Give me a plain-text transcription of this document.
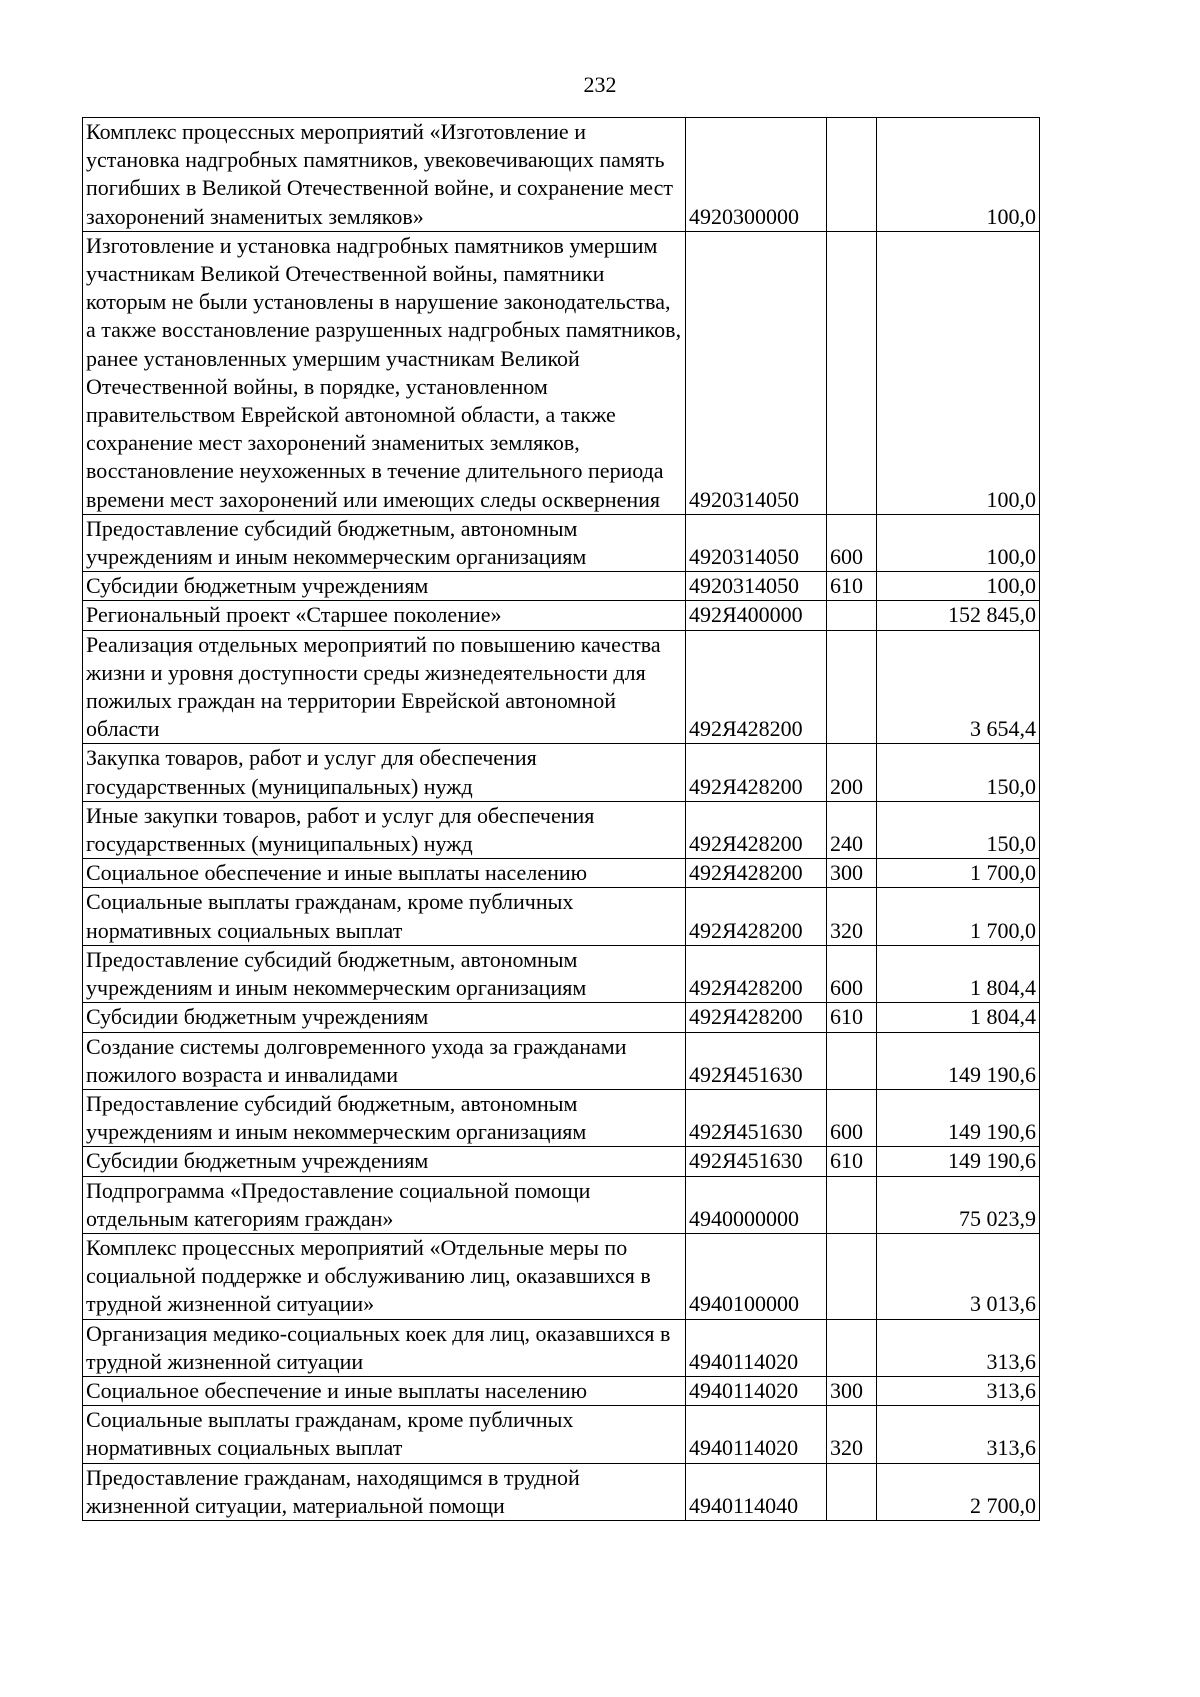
232
Комплекс процессных мероприятий «Изготовление и установка надгробных памятников, увековечивающих память погибших в Великой Отечественной войне, и сохранение мест захоронений знаменитых земляков»	4920300000		100,0
Изготовление и установка надгробных памятников умершим участникам Великой Отечественной войны, памятники которым не были установлены в нарушение законодательства, а также восстановление разрушенных надгробных памятников, ранее установленных умершим участникам Великой Отечественной войны, в порядке, установленном правительством Еврейской автономной области, а также сохранение мест захоронений знаменитых земляков, восстановление неухоженных в течение длительного периода времени мест захоронений или имеющих следы осквернения	4920314050		100,0
Предоставление субсидий бюджетным, автономным учреждениям и иным некоммерческим организациям	4920314050	600	100,0
Субсидии бюджетным учреждениям	4920314050	610	100,0
Региональный проект «Старшее поколение»	492Я400000		152 845,0
Реализация отдельных мероприятий по повышению качества жизни и уровня доступности среды жизнедеятельности для пожилых граждан на территории Еврейской автономной области	492Я428200		3 654,4
Закупка товаров, работ и услуг для обеспечения государственных (муниципальных) нужд	492Я428200	200	150,0
Иные закупки товаров, работ и услуг для обеспечения государственных (муниципальных) нужд	492Я428200	240	150,0
Социальное обеспечение и иные выплаты населению	492Я428200	300	1 700,0
Социальные выплаты гражданам, кроме публичных нормативных социальных выплат	492Я428200	320	1 700,0
Предоставление субсидий бюджетным, автономным учреждениям и иным некоммерческим организациям	492Я428200	600	1 804,4
Субсидии бюджетным учреждениям	492Я428200	610	1 804,4
Создание системы долговременного ухода за гражданами пожилого возраста и инвалидами	492Я451630		149 190,6
Предоставление субсидий бюджетным, автономным учреждениям и иным некоммерческим организациям	492Я451630	600	149 190,6
Субсидии бюджетным учреждениям	492Я451630	610	149 190,6
Подпрограмма «Предоставление социальной помощи отдельным категориям граждан»	4940000000		75 023,9
Комплекс процессных мероприятий «Отдельные меры по социальной поддержке и обслуживанию лиц, оказавшихся в трудной жизненной ситуации»	4940100000		3 013,6
Организация медико-социальных коек для лиц, оказавшихся в трудной жизненной ситуации	4940114020		313,6
Социальное обеспечение и иные выплаты населению	4940114020	300	313,6
Социальные выплаты гражданам, кроме публичных нормативных социальных выплат	4940114020	320	313,6
Предоставление гражданам, находящимся в трудной жизненной ситуации, материальной помощи	4940114040		2 700,0
